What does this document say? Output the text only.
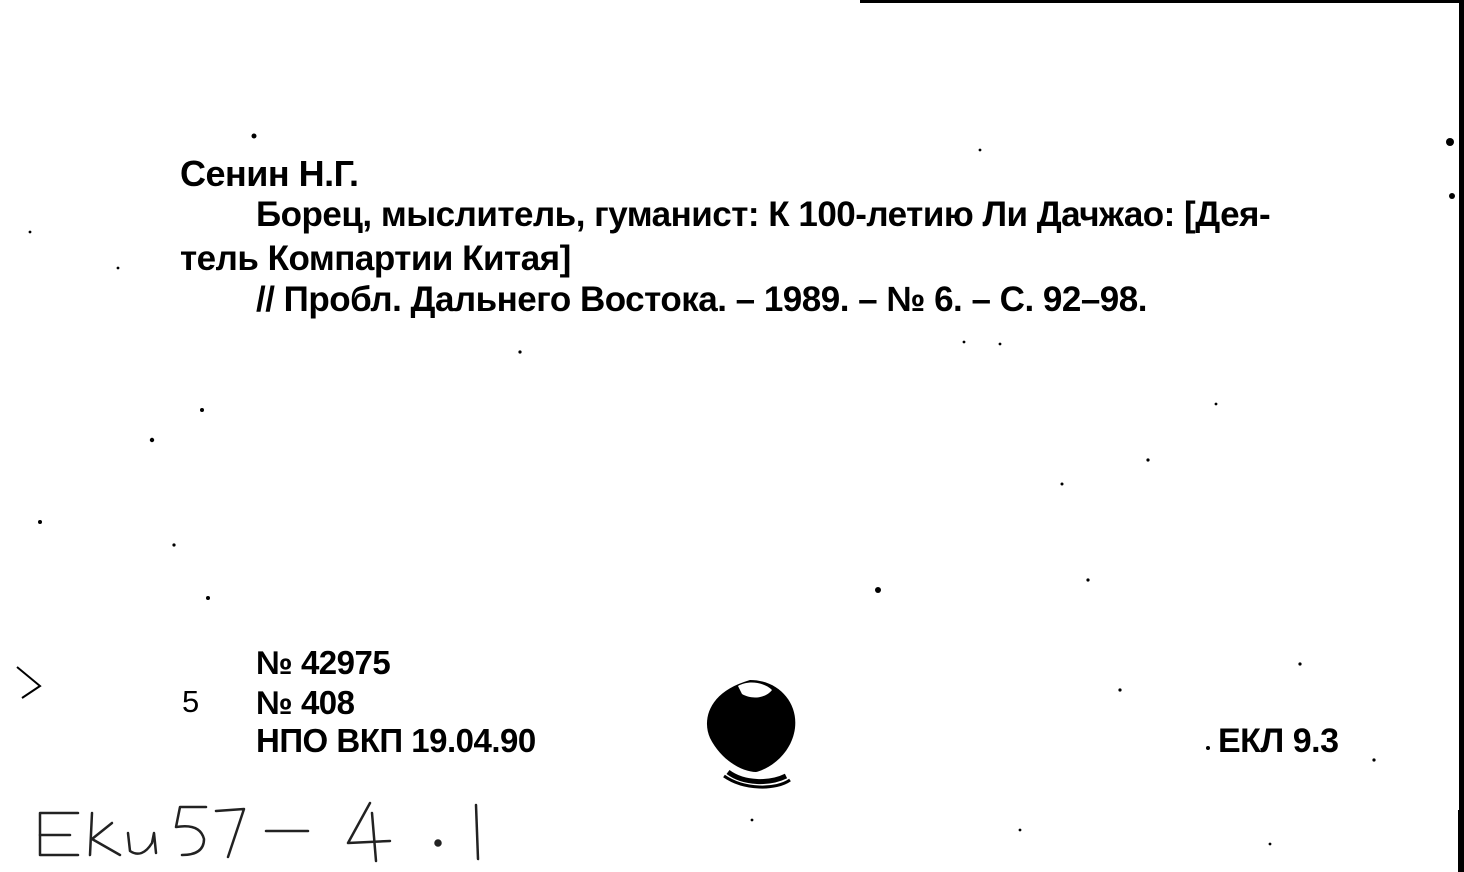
Сенин Н.Г.
Борец, мыслитель, гуманист: К 100-летию Ли Дачжао: [Дея-
тель Компартии Китая]
// Пробл. Дальнего Востока. – 1989. – № 6. – С. 92–98.
5
№ 42975
№ 408
НПО ВКП 19.04.90	ЕКЛ 9.3
